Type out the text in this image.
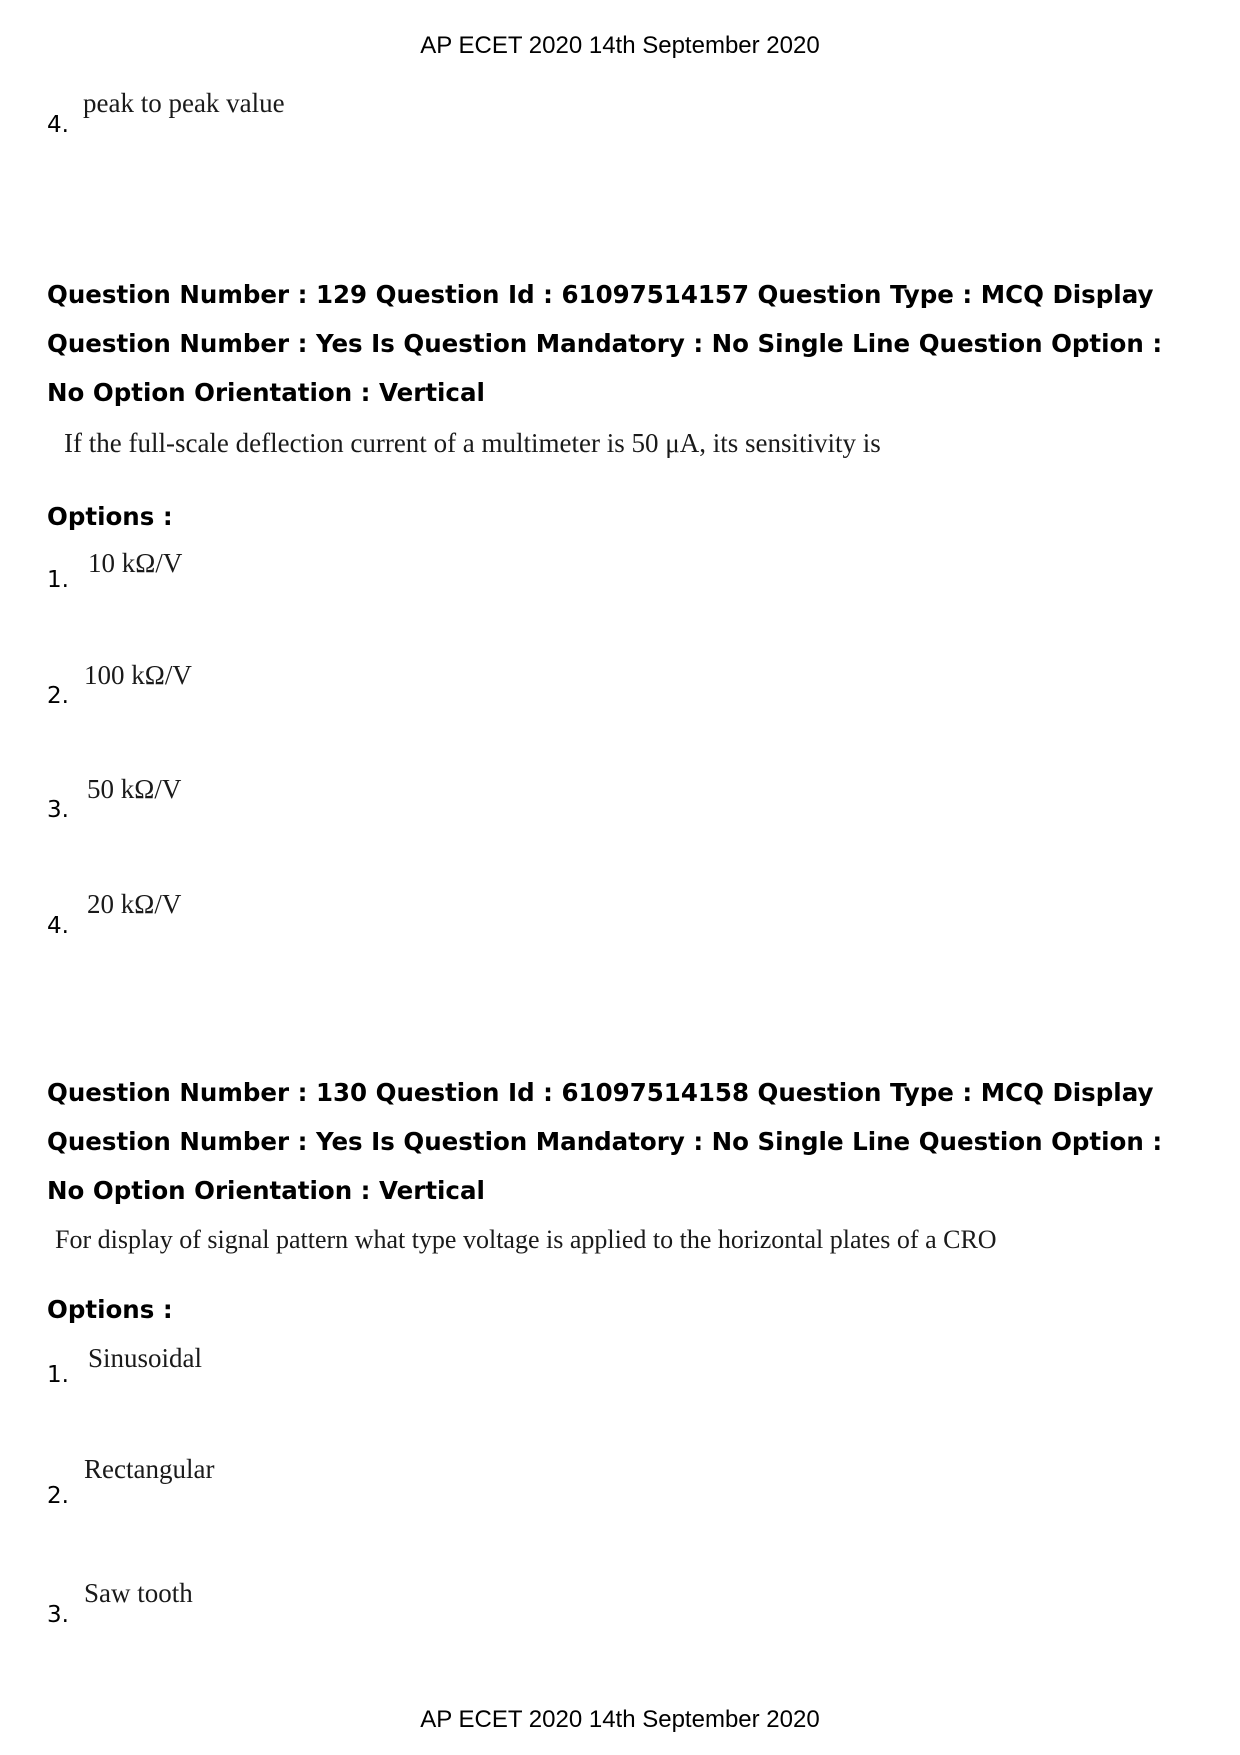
AP ECET 2020 14th September 2020
4.
peak to peak value

Question Number : 129 Question Id : 61097514157 Question Type : MCQ Display Question Number : Yes Is Question Mandatory : No Single Line Question Option : No Option Orientation : Vertical

If the full-scale deflection current of a multimeter is 50 μA, its sensitivity is
Options :
1.
10 kΩ/V
2.
100 kΩ/V
3.
50 kΩ/V
4.
20 kΩ/V

Question Number : 130 Question Id : 61097514158 Question Type : MCQ Display Question Number : Yes Is Question Mandatory : No Single Line Question Option : No Option Orientation : Vertical

For display of signal pattern what type voltage is applied to the horizontal plates of a CRO
Options :
1.
Sinusoidal
2.
Rectangular
3.
Saw tooth
AP ECET 2020 14th September 2020
